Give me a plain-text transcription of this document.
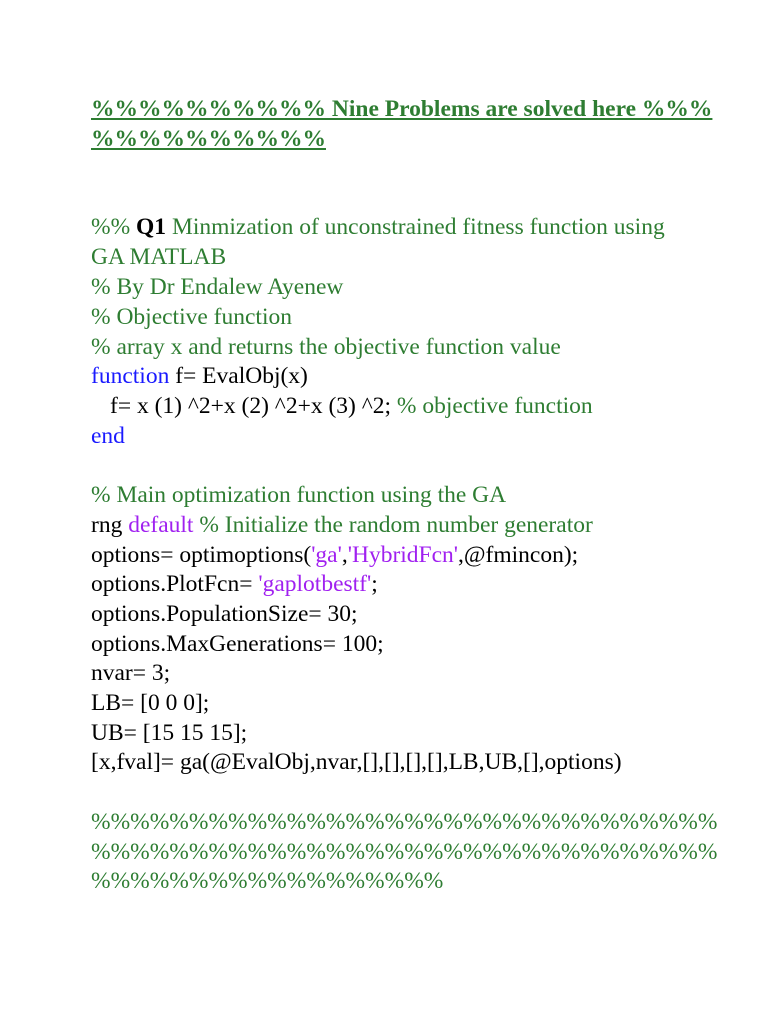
%%%%%%%%%% Nine Problems are solved here %%%

%%%%%%%%%%

%% Q1 Minmization of unconstrained fitness function using

GA MATLAB

% By Dr Endalew Ayenew

% Objective function

% array x and returns the objective function value

function f= EvalObj(x)

f= x (1) ^2+x (2) ^2+x (3) ^2; % objective function

end

% Main optimization function using the GA

rng default % Initialize the random number generator

options= optimoptions('ga','HybridFcn',@fmincon);

options.PlotFcn= 'gaplotbestf';

options.PopulationSize= 30;

options.MaxGenerations= 100;

nvar= 3;

LB= [0 0 0];

UB= [15 15 15];

[x,fval]= ga(@EvalObj,nvar,[],[],[],[],LB,UB,[],options)

%%%%%%%%%%%%%%%%%%%%%%%%%%%%%%%%

%%%%%%%%%%%%%%%%%%%%%%%%%%%%%%%%

%%%%%%%%%%%%%%%%%%
